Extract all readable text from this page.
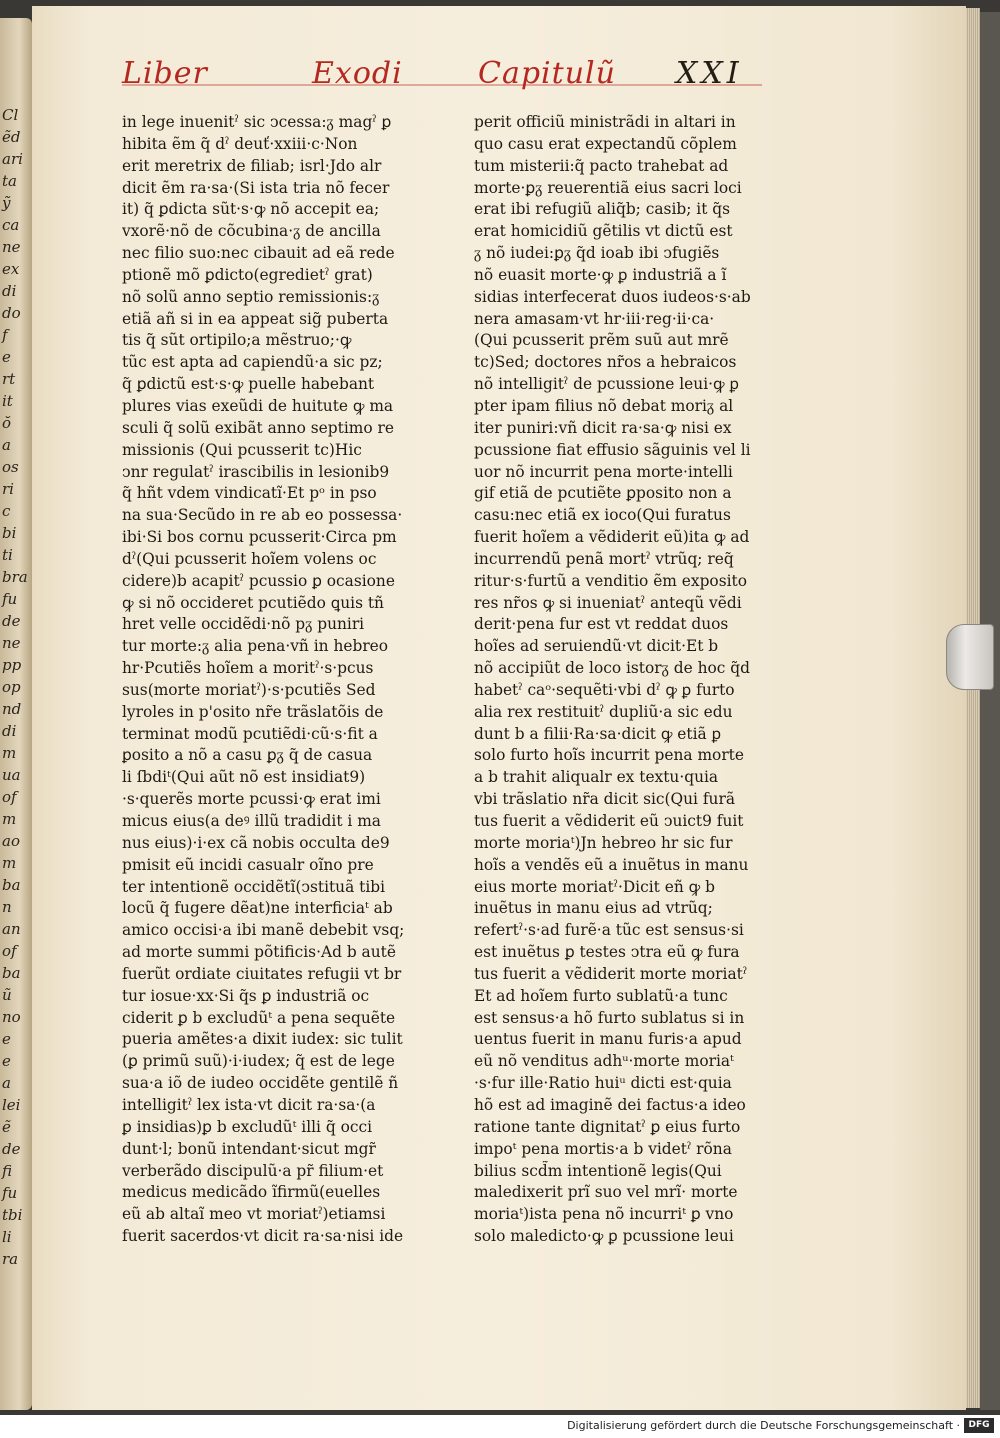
Cl
ẽd
ari
ta
ỹ
ca
ne
ex
di
do
f
e
rt
it
ŏ
a
os
ri
c
bi
ti
bra
fu
de
ne
pp
op
nd
di
m
ua
of
m
ao
m
ba
n
an
of
ba
ũ
no
e
e
a
lei
ẽ
de
fi
fu
tbi
li
ra
Liber	Exodi	Capitulũ XXI
in lege inuenitˀ sic ↄcessa:ᵹ magˀ ꝑ
hibita ẽm q̃ dˀ deuť·xxiii·c·Non
erit meretrix de filiab; isrl·Jdo alr
dicit ẽm ra·sa·(Si ista tria nõ fecer
it) q̃ ꝑdicta sũt·s·ꝙ nõ accepit ea;
vxorẽ·nõ de cõcubina·ᵹ de ancilla
nec filio suo:nec cibauit ad eã rede
ptionẽ mõ ꝑdicto(egredietˀ grat)
nõ solũ anno septio remissionis:ᵹ
etiã añ si in ea appeat sig̃ puberta
tis q̃ sũt ortipilo;a mẽstruo;·ꝙ
tũc est apta ad capiendũ·a sic pz;
q̃ ꝑdictũ est·s·ꝙ puelle habebant
plures vias exeũdi de huitute ꝙ ma
sculi q̃ solũ exibãt anno septimo re
missionis (Qui pcusserit tc)Hic
ↄnr regulatˀ irascibilis in lesionib9
q̃ hñt vdem vindicatĩ·Et pᵒ in pso
na sua·Secũdo in re ab eo possessa·
ibi·Si bos cornu pcusserit·Circa pm
dˀ(Qui pcusserit hoĩem volens oc
cidere)b acapitˀ pcussio ꝑ ocasione
ꝙ si nõ occideret pcutiẽdo ꝗuis tñ
hret velle occidẽdi·nõ pᵹ puniri
tur morte:ᵹ alia pena·vñ in hebreo
hr·Pcutiẽs hoĩem a moritˀ·s·pcus
sus(morte moriatˀ)·s·pcutiẽs Sed
lyroles in p'osito nr̃e trãslatõis de
terminat modũ pcutiẽdi·cũ·s·fit a
ꝑosito a nõ a casu ꝑᵹ q̃ de casua
li ſbdiᵗ(Qui aũt nõ est insidiat9)
·s·querẽs morte pcussi·ꝙ erat imi
micus eius(a deꝰ illũ tradidit i ma
nus eius)·i·ex cã nobis occulta de9
pmisit eũ incidi casualr oĩno pre
ter intentionẽ occidẽtĩ(ↄstituã tibi
locũ q̃ fugere dẽat)ne interficiaᵗ ab
amico occisi·a ibi manẽ debebit vsq;
ad morte summi põtificis·Ad b autẽ
fuerũt ordiate ciuitates refugii vt br
tur iosue·xx·Si q̃s ꝑ industriã oc
ciderit ꝑ b excludũᵗ a pena sequẽte
pueria amẽtes·a dixit iudex: sic tulit
(ꝑ primũ suũ)·i·iudex; q̃ est de lege
sua·a iõ de iudeo occidẽte gentilẽ ñ
intelligitˀ lex ista·vt dicit ra·sa·(a
ꝑ insidias)ꝑ b excludũᵗ illi q̃ occi
dunt·l; bonũ intendant·sicut mgr̃
verberãdo discipulũ·a pr̃ filium·et
medicus medicãdo ĩfirmũ(euelles
eũ ab altaĩ meo vt moriatˀ)etiamsi
fuerit sacerdos·vt dicit ra·sa·nisi ide
perit officiũ ministrãdi in altari in
quo casu erat expectandũ cõplem
tum misterii:q̃ pacto trahebat ad
morte·ꝑᵹ reuerentiã eius sacri loci
erat ibi refugiũ aliq̃b; casib; it q̃s
erat homicidiũ gẽtilis vt dictũ est
ᵹ nõ iudei:ꝑᵹ q̃d ioab ibi ↄfugiẽs
nõ euasit morte·ꝙ ꝑ industriã a ĩ
sidias interfecerat duos iudeos·s·ab
nera amasam·vt hr·iii·reg·ii·ca·
(Qui pcusserit prẽm suũ aut mrẽ
tc)Sed; doctores nr̃os a hebraicos
nõ intelligitˀ de pcussione leui·ꝙ ꝑ
pter ipam filius nõ debat moriᵹ al
iter puniri:vñ dicit ra·sa·ꝙ nisi ex
pcussione fiat effusio sãguinis vel li
uor nõ incurrit pena morte·intelli
gif etiã de pcutiẽte ꝑposito non a
casu:nec etiã ex ioco(Qui furatus
fuerit hoĩem a vẽdiderit eũ)ita ꝙ ad
incurrendũ penã mortˀ vtrũq; req̃
ritur·s·furtũ a venditio ẽm exposito
res nr̃os ꝙ si inueniatˀ anteqũ vẽdi
derit·pena fur est vt reddat duos
hoĩes ad seruiendũ·vt dicit·Et b
nõ accipiũt de loco istorᵹ de hoc q̃d
habetˀ caᵒ·sequẽti·vbi dˀ ꝙ ꝑ furto
alia rex restituitˀ dupliũ·a sic edu
dunt b a filii·Ra·sa·dicit ꝙ etiã ꝑ
solo furto hoĩs incurrit pena morte
a b trahit aliqualr ex textu·quia
vbi trãslatio nr̃a dicit sic(Qui furã
tus fuerit a vẽdiderit eũ ↄuict9 fuit
morte moriaᵗ)Jn hebreo hr sic fur
hoĩs a vendẽs eũ a inuẽtus in manu
eius morte moriatˀ·Dicit eñ ꝙ b
inuẽtus in manu eius ad vtrũq;
refertˀ·s·ad furẽ·a tũc est sensus·si
est inuẽtus ꝑ testes ↄtra eũ ꝙ fura
tus fuerit a vẽdiderit morte moriatˀ
Et ad hoĩem furto sublatũ·a tunc
est sensus·a hõ furto sublatus si in
uentus fuerit in manu furis·a apud
eũ nõ venditus adhᵘ·morte moriaᵗ
·s·fur ille·Ratio huiᵘ dicti est·quia
hõ est ad imaginẽ dei factus·a ideo
ratione tante dignitatˀ ꝑ eius furto
impoᵗ pena mortis·a b videtˀ rõna
bilius scd̃m intentionẽ legis(Qui
maledixerit prĩ suo vel mrĩ· morte
moriaᵗ)ista pena nõ incurriᵗ ꝑ vno
solo maledicto·ꝙ ꝑ pcussione leui
Digitalisierung gefördert durch die Deutsche Forschungsgemeinschaft · DFG
